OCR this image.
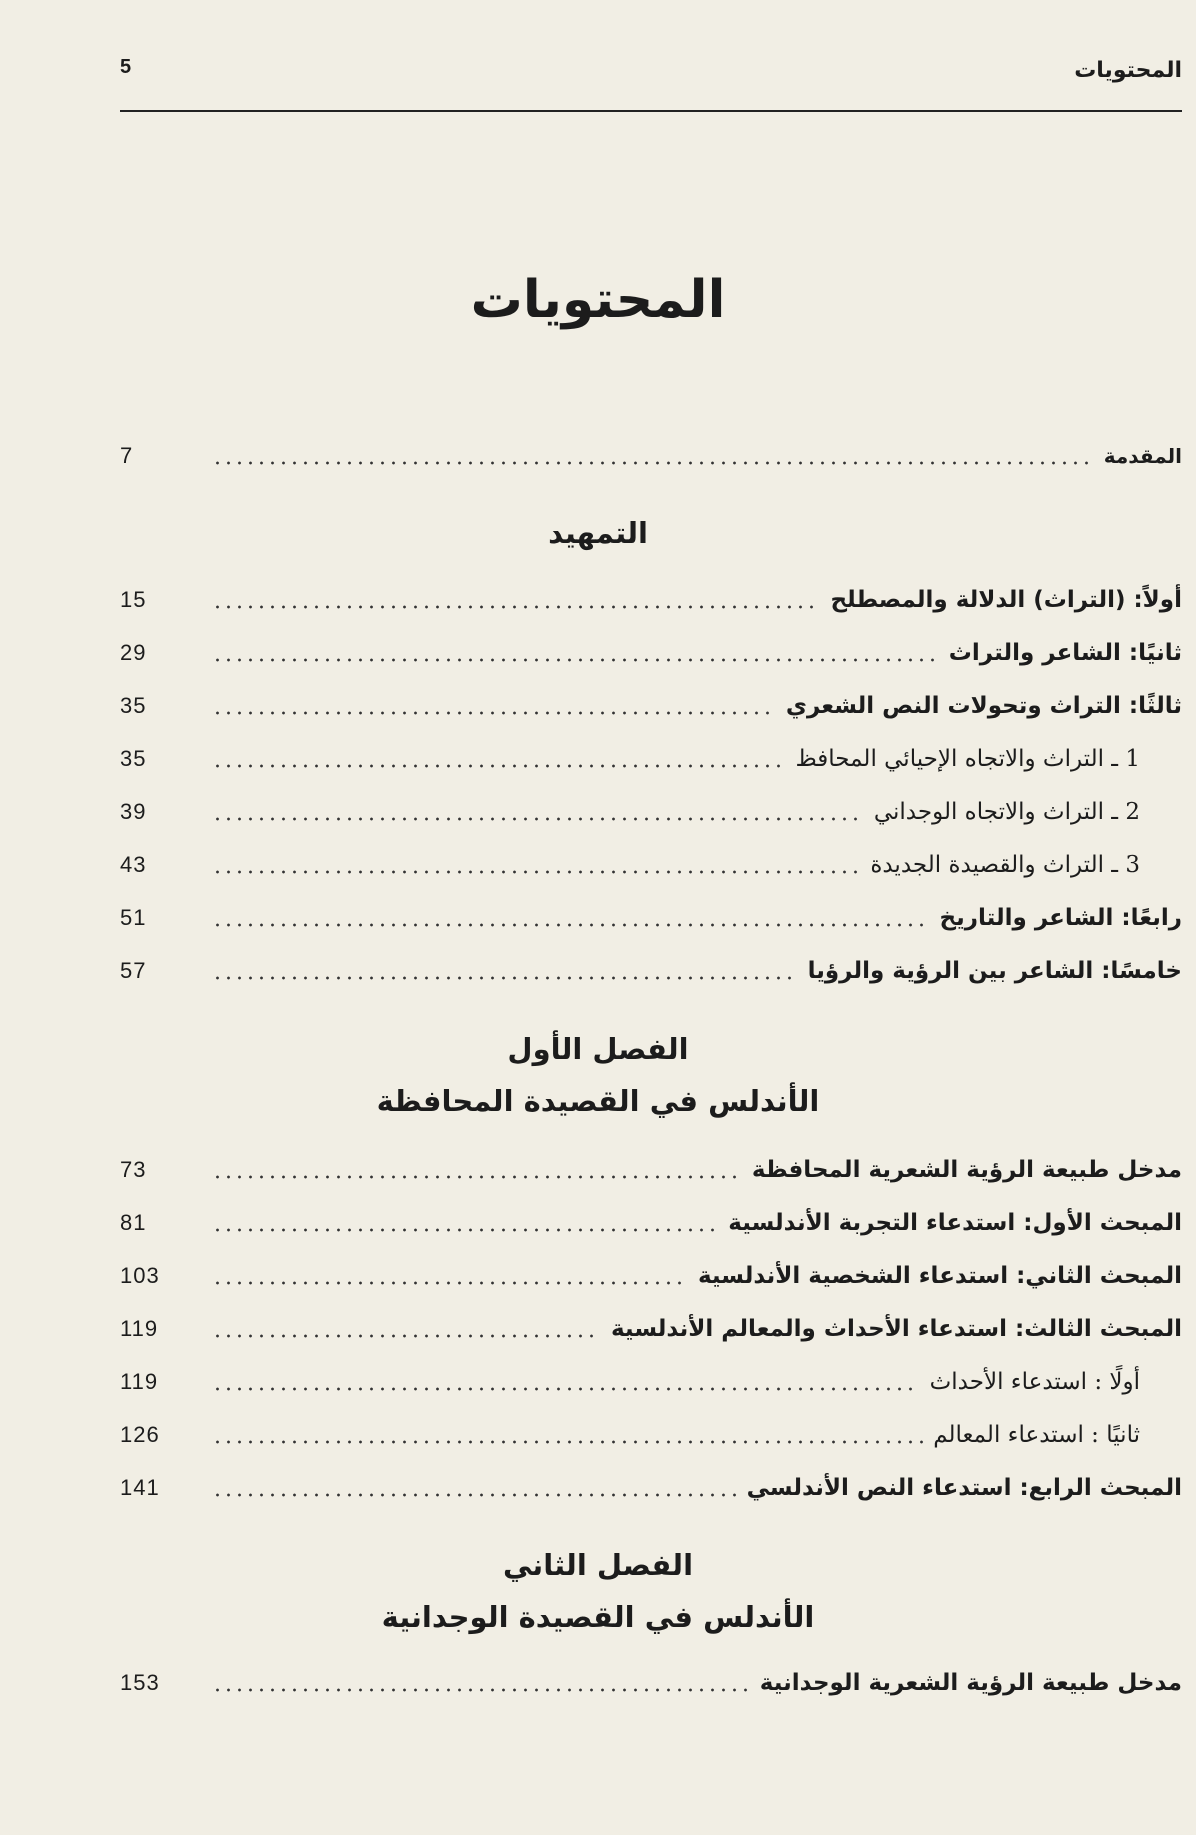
المحتويات
5
المحتويات
المقدمة
7
التمهيد
أولاً: (التراث) الدلالة والمصطلح
15
ثانيًا: الشاعر والتراث
29
ثالثًا: التراث وتحولات النص الشعري
35
1 ـ التراث والاتجاه الإحيائي المحافظ
35
2 ـ التراث والاتجاه الوجداني
39
3 ـ التراث والقصيدة الجديدة
43
رابعًا: الشاعر والتاريخ
51
خامسًا: الشاعر بين الرؤية والرؤيا
57
الفصل الأول
الأندلس في القصيدة المحافظة
مدخل طبيعة الرؤية الشعرية المحافظة
73
المبحث الأول: استدعاء التجربة الأندلسية
81
المبحث الثاني: استدعاء الشخصية الأندلسية
103
المبحث الثالث: استدعاء الأحداث والمعالم الأندلسية
119
أولًا : استدعاء الأحداث
119
ثانيًا : استدعاء المعالم
126
المبحث الرابع: استدعاء النص الأندلسي
141
الفصل الثاني
الأندلس في القصيدة الوجدانية
مدخل طبيعة الرؤية الشعرية الوجدانية
153
